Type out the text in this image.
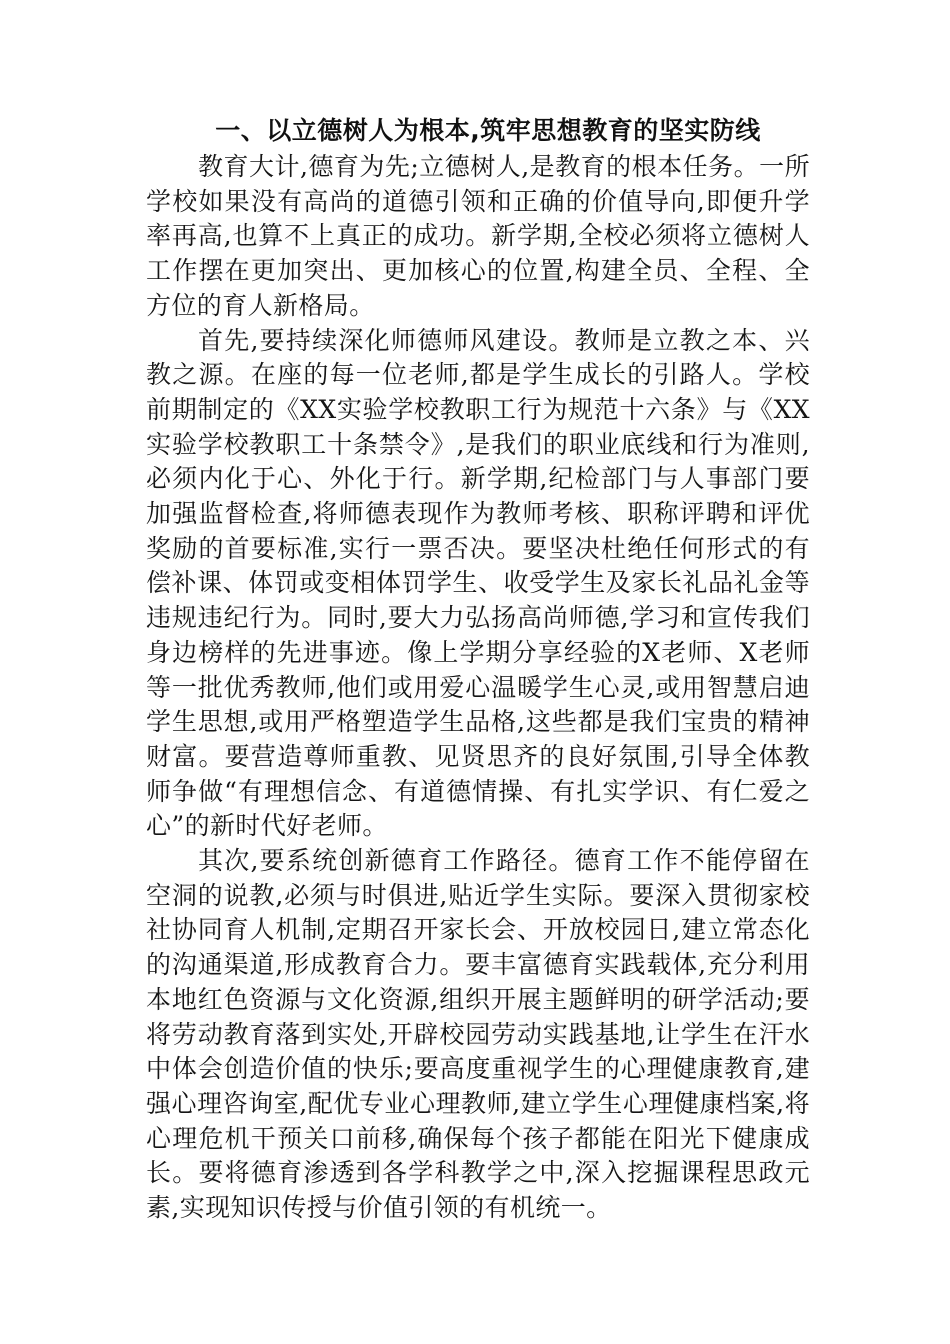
一、以立德树人为根本,筑牢思想教育的坚实防线

教育大计,德育为先;立德树人,是教育的根本任务。一所学校如果没有高尚的道德引领和正确的价值导向,即便升学率再高,也算不上真正的成功。新学期,全校必须将立德树人工作摆在更加突出、更加核心的位置,构建全员、全程、全方位的育人新格局。

首先,要持续深化师德师风建设。教师是立教之本、兴教之源。在座的每一位老师,都是学生成长的引路人。学校前期制定的《XX实验学校教职工行为规范十六条》与《XX实验学校教职工十条禁令》,是我们的职业底线和行为准则,必须内化于心、外化于行。新学期,纪检部门与人事部门要加强监督检查,将师德表现作为教师考核、职称评聘和评优奖励的首要标准,实行一票否决。要坚决杜绝任何形式的有偿补课、体罚或变相体罚学生、收受学生及家长礼品礼金等违规违纪行为。同时,要大力弘扬高尚师德,学习和宣传我们身边榜样的先进事迹。像上学期分享经验的X老师、X老师等一批优秀教师,他们或用爱心温暖学生心灵,或用智慧启迪学生思想,或用严格塑造学生品格,这些都是我们宝贵的精神财富。要营造尊师重教、见贤思齐的良好氛围,引导全体教师争做“有理想信念、有道德情操、有扎实学识、有仁爱之心”的新时代好老师。

其次,要系统创新德育工作路径。德育工作不能停留在空洞的说教,必须与时俱进,贴近学生实际。要深入贯彻家校社协同育人机制,定期召开家长会、开放校园日,建立常态化的沟通渠道,形成教育合力。要丰富德育实践载体,充分利用本地红色资源与文化资源,组织开展主题鲜明的研学活动;要将劳动教育落到实处,开辟校园劳动实践基地,让学生在汗水中体会创造价值的快乐;要高度重视学生的心理健康教育,建强心理咨询室,配优专业心理教师,建立学生心理健康档案,将心理危机干预关口前移,确保每个孩子都能在阳光下健康成长。要将德育渗透到各学科教学之中,深入挖掘课程思政元素,实现知识传授与价值引领的有机统一。
